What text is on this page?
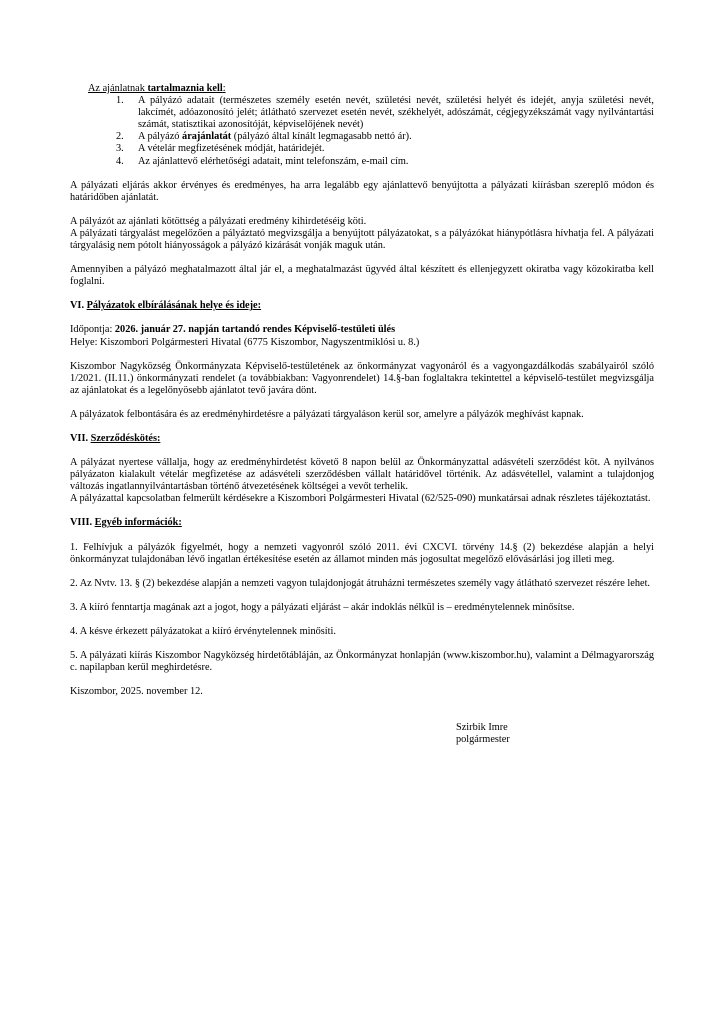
Az ajánlatnak tartalmaznia kell:

1. A pályázó adatait (természetes személy esetén nevét, születési nevét, születési helyét és idejét, anyja születési nevét, lakcímét, adóazonosító jelét; átlátható szervezet esetén nevét, székhelyét, adószámát, cégjegyzékszámát vagy nyilvántartási számát, statisztikai azonosítóját, képviselőjének nevét)
2. A pályázó árajánlatát (pályázó által kínált legmagasabb nettó ár).
3. A vételár megfizetésének módját, határidejét.
4. Az ajánlattevő elérhetőségi adatait, mint telefonszám, e-mail cím.

A pályázati eljárás akkor érvényes és eredményes, ha arra legalább egy ajánlattevő benyújtotta a pályázati kiírásban szereplő módon és határidőben ajánlatát.

A pályázót az ajánlati kötöttség a pályázati eredmény kihirdetéséig köti.

A pályázati tárgyalást megelőzően a pályáztató megvizsgálja a benyújtott pályázatokat, s a pályázókat hiánypótlásra hívhatja fel. A pályázati tárgyalásig nem pótolt hiányosságok a pályázó kizárását vonják maguk után.

Amennyiben a pályázó meghatalmazott által jár el, a meghatalmazást ügyvéd által készített és ellenjegyzett okiratba vagy közokiratba kell foglalni.

VI. Pályázatok elbírálásának helye és ideje:

Időpontja: 2026. január 27. napján tartandó rendes Képviselő-testületi ülés

Helye: Kiszombori Polgármesteri Hivatal (6775 Kiszombor, Nagyszentmiklósi u. 8.)

Kiszombor Nagyközség Önkormányzata Képviselő-testületének az önkormányzat vagyonáról és a vagyongazdálkodás szabályairól szóló 1/2021. (II.11.) önkormányzati rendelet (a továbbiakban: Vagyonrendelet) 14.§-ban foglaltakra tekintettel a képviselő-testület megvizsgálja az ajánlatokat és a legelőnyösebb ajánlatot tevő javára dönt.

A pályázatok felbontására és az eredményhirdetésre a pályázati tárgyaláson kerül sor, amelyre a pályázók meghívást kapnak.

VII. Szerződéskötés:

A pályázat nyertese vállalja, hogy az eredményhirdetést követő 8 napon belül az Önkormányzattal adásvételi szerződést köt. A nyilvános pályázaton kialakult vételár megfizetése az adásvételi szerződésben vállalt határidővel történik. Az adásvétellel, valamint a tulajdonjog változás ingatlannyilvántartásban történő átvezetésének költségei a vevőt terhelik.

A pályázattal kapcsolatban felmerült kérdésekre a Kiszombori Polgármesteri Hivatal (62/525-090) munkatársai adnak részletes tájékoztatást.

VIII. Egyéb információk:

1. Felhívjuk a pályázók figyelmét, hogy a nemzeti vagyonról szóló 2011. évi CXCVI. törvény 14.§ (2) bekezdése alapján a helyi önkormányzat tulajdonában lévő ingatlan értékesítése esetén az államot minden más jogosultat megelőző elővásárlási jog illeti meg.

2. Az Nvtv. 13. § (2) bekezdése alapján a nemzeti vagyon tulajdonjogát átruházni természetes személy vagy átlátható szervezet részére lehet.

3. A kiíró fenntartja magának azt a jogot, hogy a pályázati eljárást – akár indoklás nélkül is – eredménytelennek minősítse.

4. A késve érkezett pályázatokat a kiíró érvénytelennek minősíti.

5. A pályázati kiírás Kiszombor Nagyközség hirdetőtábláján, az Önkormányzat honlapján (www.kiszombor.hu), valamint a Délmagyarország c. napilapban kerül meghirdetésre.

Kiszombor, 2025. november 12.

Szirbik Imre

polgármester
